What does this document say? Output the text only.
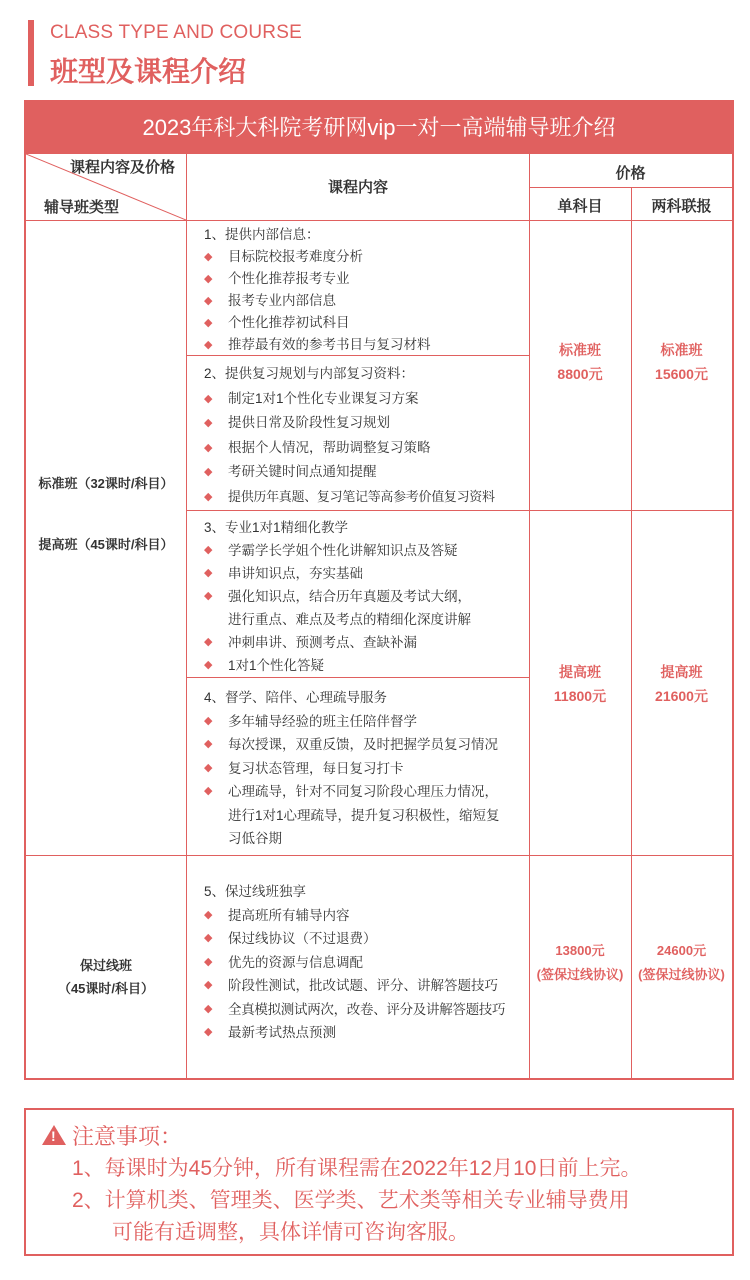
CLASS TYPE AND COURSE
班型及课程介绍
2023年科大科院考研网vip一对一高端辅导班介绍
课程内容及价格
辅导班类型
课程内容
价格
单科目	两科联报
标准班（32课时/科目）
提高班（45课时/科目）
保过线班
（45课时/科目）
标准班
8800元
标准班
15600元
提高班
11800元
提高班
21600元
13800元
(签保过线协议)
24600元
(签保过线协议)
1、提供内部信息：
◆ 目标院校报考难度分析
◆ 个性化推荐报考专业
◆ 报考专业内部信息
◆ 个性化推荐初试科目
◆ 推荐最有效的参考书目与复习材料
2、提供复习规划与内部复习资料：
◆ 制定1对1个性化专业课复习方案
◆ 提供日常及阶段性复习规划
◆ 根据个人情况，帮助调整复习策略
◆ 考研关键时间点通知提醒
◆ 提供历年真题、复习笔记等高参考价值复习资料
3、专业1对1精细化教学
◆ 学霸学长学姐个性化讲解知识点及答疑
◆ 串讲知识点，夯实基础
◆ 强化知识点，结合历年真题及考试大纲，进行重点、难点及考点的精细化深度讲解
◆ 冲刺串讲、预测考点、查缺补漏
◆ 1对1个性化答疑
4、督学、陪伴、心理疏导服务
◆ 多年辅导经验的班主任陪伴督学
◆ 每次授课，双重反馈，及时把握学员复习情况
◆ 复习状态管理，每日复习打卡
◆ 心理疏导，针对不同复习阶段心理压力情况，进行1对1心理疏导，提升复习积极性，缩短复习低谷期
5、保过线班独享
◆ 提高班所有辅导内容
◆ 保过线协议（不过退费）
◆ 优先的资源与信息调配
◆ 阶段性测试，批改试题、评分、讲解答题技巧
◆ 全真模拟测试两次，改卷、评分及讲解答题技巧
◆ 最新考试热点预测
!注意事项：
1、每课时为45分钟，所有课程需在2022年12月10日前上完。
2、计算机类、管理类、医学类、艺术类等相关专业辅导费用
可能有适调整，具体详情可咨询客服。
